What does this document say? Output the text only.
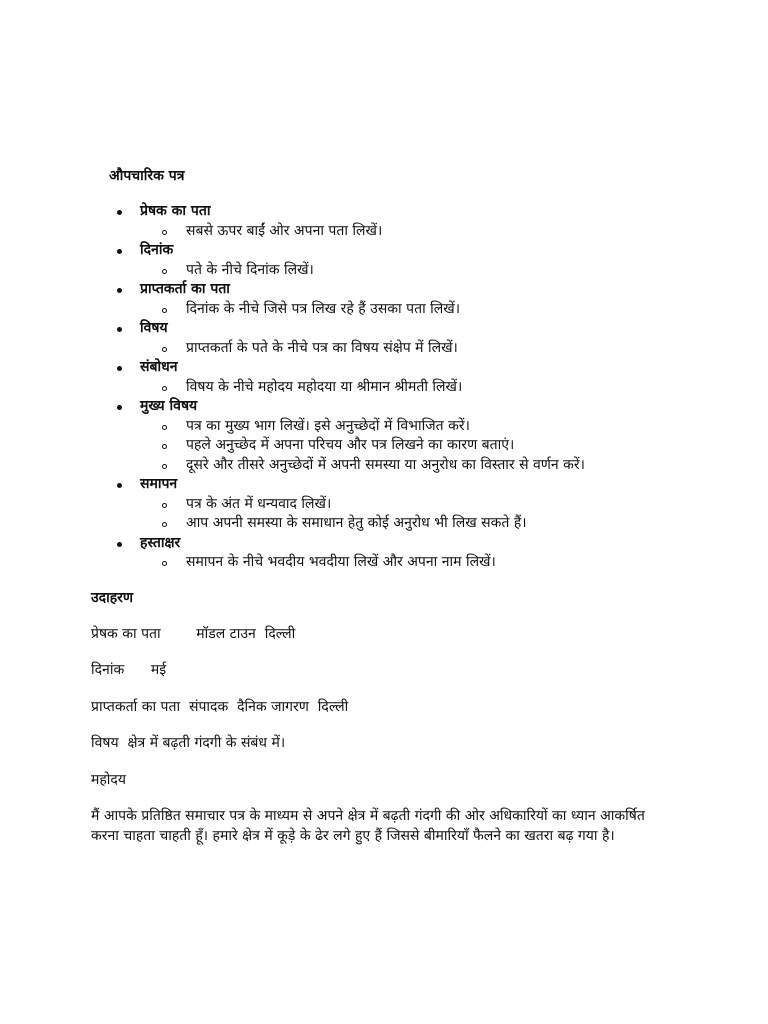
औपचारिक पत्र
प्रेषक का पता
सबसे ऊपर बाईं ओर अपना पता लिखें।
दिनांक
पते के नीचे दिनांक लिखें।
प्राप्तकर्ता का पता
दिनांक के नीचे जिसे पत्र लिख रहे हैं उसका पता लिखें।
विषय
प्राप्तकर्ता के पते के नीचे पत्र का विषय संक्षेप में लिखें।
संबोधन
विषय के नीचे महोदय महोदया या श्रीमान श्रीमती लिखें।
मुख्य विषय
पत्र का मुख्य भाग लिखें। इसे अनुच्छेदों में विभाजित करें।
पहले अनुच्छेद में अपना परिचय और पत्र लिखने का कारण बताएं।
दूसरे और तीसरे अनुच्छेदों में अपनी समस्या या अनुरोध का विस्तार से वर्णन करें।
समापन
पत्र के अंत में धन्यवाद लिखें।
आप अपनी समस्या के समाधान हेतु कोई अनुरोध भी लिख सकते हैं।
हस्ताक्षर
समापन के नीचे भवदीय भवदीया लिखें और अपना नाम लिखें।
उदाहरण
प्रेषक का पता        मॉडल टाउन  दिल्ली
दिनांक      मई
प्राप्तकर्ता का पता  संपादक  दैनिक जागरण  दिल्ली
विषय  क्षेत्र में बढ़ती गंदगी के संबंध में।
महोदय
मैं आपके प्रतिष्ठित समाचार पत्र के माध्यम से अपने क्षेत्र में बढ़ती गंदगी की ओर अधिकारियों का ध्यान आकर्षित करना चाहता चाहती हूँ। हमारे क्षेत्र में कूड़े के ढेर लगे हुए हैं जिससे बीमारियाँ फैलने का खतरा बढ़ गया है।
